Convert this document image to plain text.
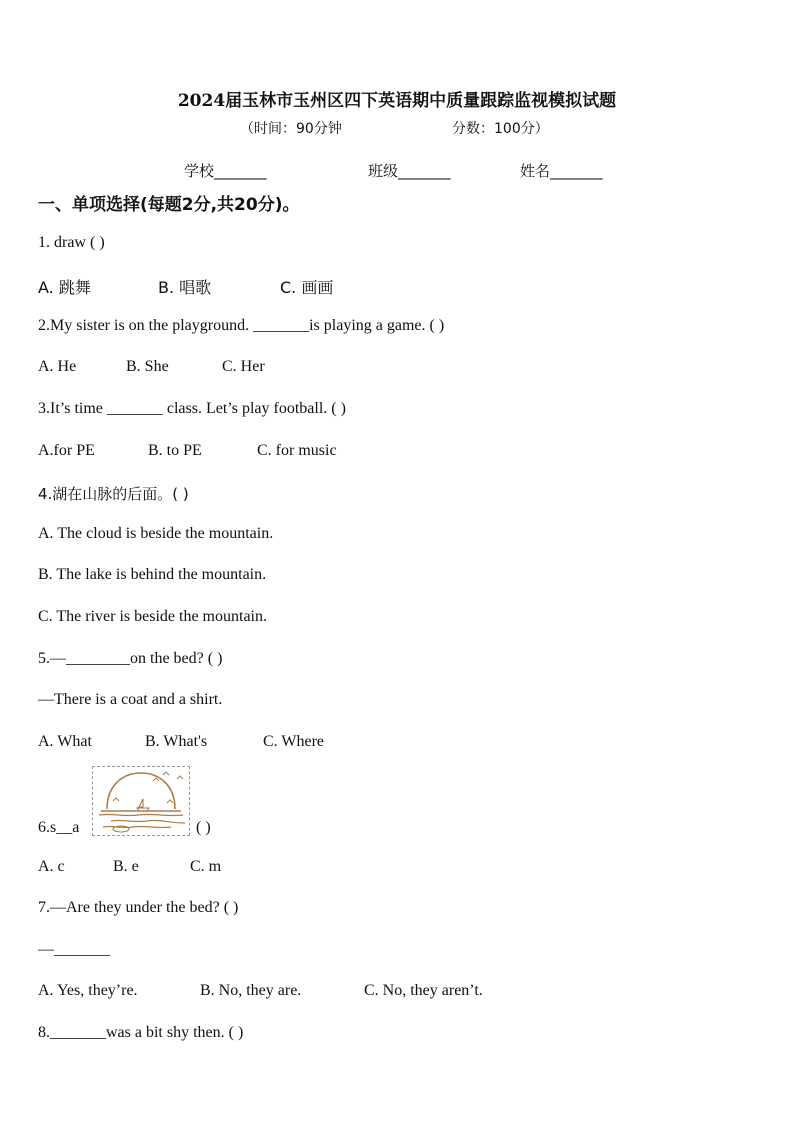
2024届玉林市玉州区四下英语期中质量跟踪监视模拟试题
（时间：90分钟	分数：100分）
学校_______	班级_______	姓名_______
一、单项选择(每题2分,共20分)。
1. draw ( )
A. 跳舞	B. 唱歌	C. 画画
2.My sister is on the playground. _______is playing a game. ( )
A. He	B. She	C. Her
3.It’s time _______ class. Let’s play football. ( )
A.for PE	B. to PE	C. for music
4.湖在山脉的后面。( )
A. The cloud is beside the mountain.
B. The lake is behind the mountain.
C. The river is beside the mountain.
5.—________on the bed? ( )
—There is a coat and a shirt.
A. What	B. What's	C. Where
6.s__a	( )
A. c	B. e	C. m
7.—Are they under the bed? ( )
—_______
A. Yes, they’re.	B. No, they are.	C. No, they aren’t.
8._______was a bit shy then. ( )
